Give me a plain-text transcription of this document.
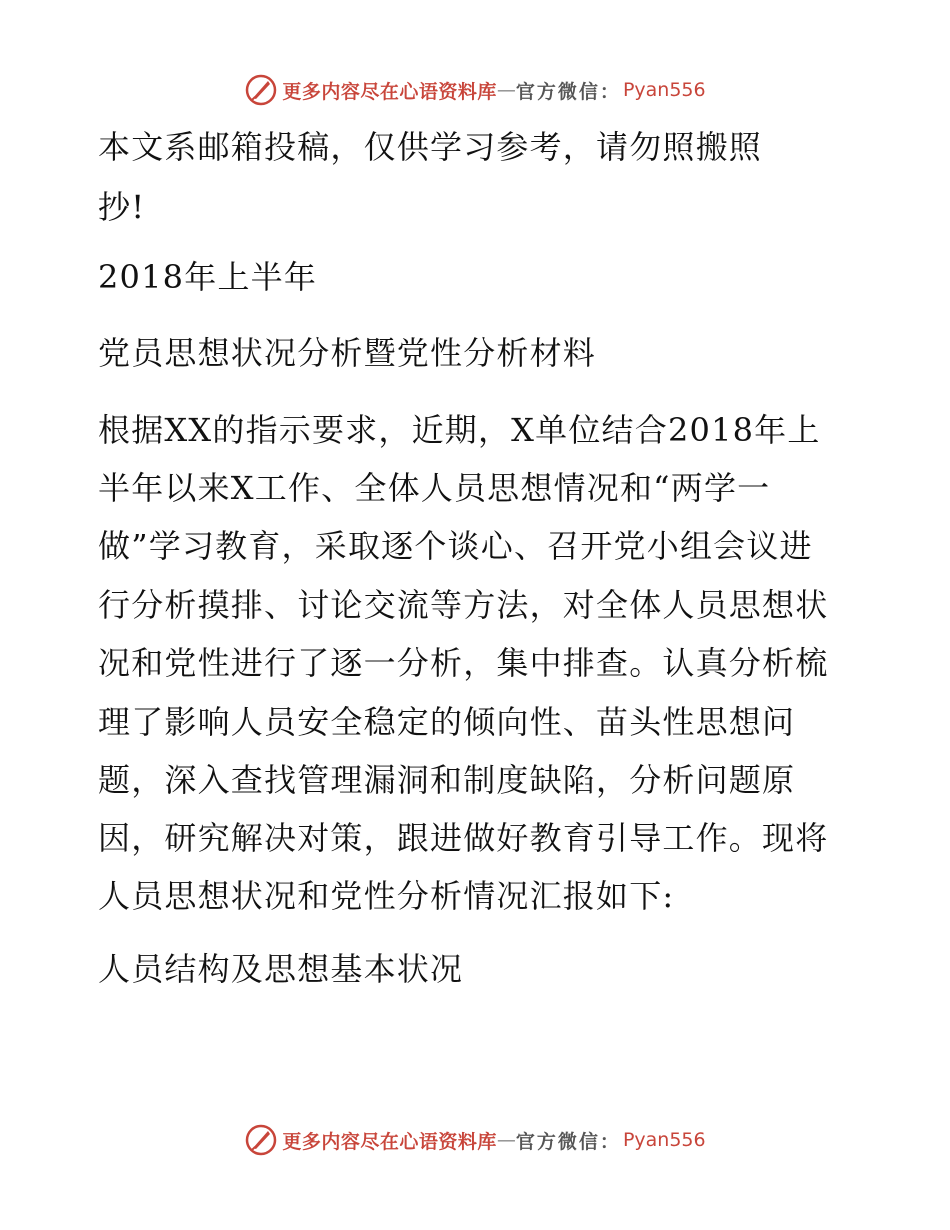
更多内容尽在心语资料库 — 官方微信： Pyan556
本文系邮箱投稿，仅供学习参考，请勿照搬照
抄!
2018年上半年
党员思想状况分析暨党性分析材料
根据XX的指示要求，近期，X单位结合2018年上
半年以来X工作、全体人员思想情况和“两学一
做”学习教育，采取逐个谈心、召开党小组会议进
行分析摸排、讨论交流等方法，对全体人员思想状
况和党性进行了逐一分析，集中排查。认真分析梳
理了影响人员安全稳定的倾向性、苗头性思想问
题，深入查找管理漏洞和制度缺陷，分析问题原
因，研究解决对策，跟进做好教育引导工作。现将
人员思想状况和党性分析情况汇报如下:
人员结构及思想基本状况
更多内容尽在心语资料库 — 官方微信： Pyan556
